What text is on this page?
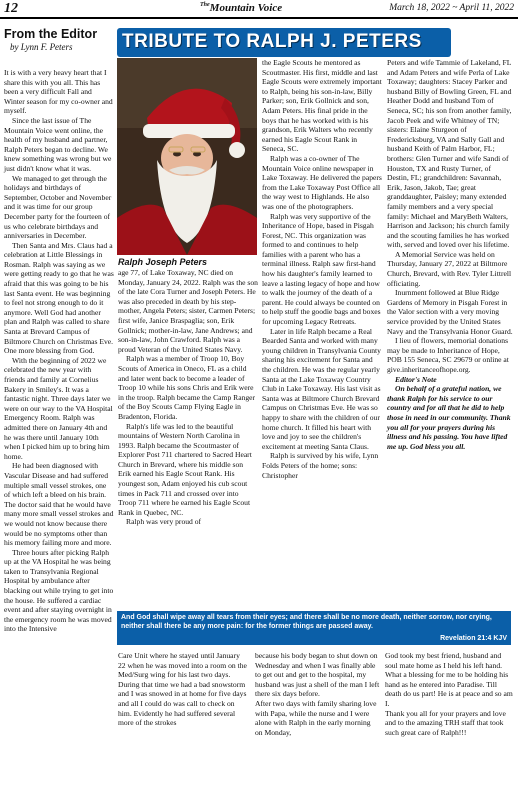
12	$^{The}$Mountain Voice	March 18, 2022 ~ April 11, 2022
From the Editor
by Lynn F. Peters

It is with a very heavy heart that I share this with you all. This has been a very difficult Fall and Winter season for my co-owner and myself.

Since the last issue of The Mountain Voice went online, the health of my husband and partner, Ralph Peters began to decline. We knew something was wrong but we just didn't know what it was.

We managed to get through the holidays and birthdays of September, October and November and it was time for our group December party for the fourteen of us who celebrate birthdays and anniversaries in December.

Then Santa and Mrs. Claus had a celebration at Little Blessings in Rosman. Ralph was saying as we were getting ready to go that he was afraid that this was going to be his last Santa event. He was beginning to feel not strong enough to do it anymore. Well God had another plan and Ralph was called to share Santa at Brevard Campus of Biltmore Church on Christmas Eve. One more blessing from God.

With the beginning of 2022 we celebrated the new year with friends and family at Cornelius Bakery in Smiley's. It was a fantastic night. Three days later we were on our way to the VA Hospital Emergency Room. Ralph was admitted there on January 4th and he was there until January 10th when I picked him up to bring him home.

He had been diagnosed with Vascular Disease and had suffered multiple small vessel strokes, one of which left a bleed on his brain. The doctor said that he would have many more small vessel strokes and we would not know because there would be no symptoms other than his memory failing more and more.

Three hours after picking Ralph up at the VA Hospital he was being taken to Transylvania Regional Hospital by ambulance after blacking out while trying to get into the house. He suffered a cardiac event and after staying overnight in the emergency room he was moved into the Intensive

TRIBUTE TO RALPH J. PETERS
Ralph Joseph Peters

age 77, of Lake Toxaway, NC died on Monday, January 24, 2022. Ralph was the son of the late Cora Turner and Joseph Peters. He was also preceded in death by his step-mother, Angela Peters; sister, Carmen Peters; first wife, Janice Braspaglia; son, Erik Gollnick; mother-in-law, Jane Andrews; and son-in-law, John Crawford. Ralph was a proud Veteran of the United States Navy.

Ralph was a member of Troop 10, Boy Scouts of America in Oneco, FL as a child and later went back to become a leader of Troop 10 while his sons Chris and Erik were in the troop. Ralph became the Camp Ranger of the Boy Scouts Camp Flying Eagle in Bradenton, Florida.

Ralph's life was led to the beautiful mountains of Western North Carolina in 1993. Ralph became the Scoutmaster of Explorer Post 711 chartered to Sacred Heart Church in Brevard, where his middle son Erik earned his Eagle Scout Rank. His youngest son, Adam enjoyed his cub scout times in Pack 711 and crossed over into Troop 711 where he earned his Eagle Scout Rank in Quebec, NC.

Ralph was very proud of

the Eagle Scouts he mentored as Scoutmaster. His first, middle and last Eagle Scouts were extremely important to Ralph, being his son-in-law, Billy Parker; son, Erik Gollnick and son, Adam Peters. His final pride in the boys that he has worked with is his grandson, Erik Walters who recently earned his Eagle Scout Rank in Seneca, SC.

Ralph was a co-owner of The Mountain Voice online newspaper in Lake Toxaway. He delivered the papers from the Lake Toxaway Post Office all the way west to Highlands. He also was one of the photographers.

Ralph was very supportive of the Inheritance of Hope, based in Pisgah Forest, NC. This organization was formed to and continues to help families with a parent who has a terminal illness. Ralph saw first-hand how his daughter's family learned to leave a lasting legacy of hope and how to walk the journey of the death of a parent. He could always be counted on to help stuff the goodie bags and boxes for upcoming Legacy Retreats.

Later in life Ralph became a Real Bearded Santa and worked with many young children in Transylvania County sharing his excitement for Santa and the children. He was the regular yearly Santa at the Lake Toxaway Country Club in Lake Toxaway. His last visit as Santa was at Biltmore Church Brevard Campus on Christmas Eve. He was so happy to share with the children of our home church. It filled his heart with love and joy to see the children's excitement at meeting Santa Claus.

Ralph is survived by his wife, Lynn Folds Peters of the home; sons: Christopher

Peters and wife Tammie of Lakeland, FL and Adam Peters and wife Perla of Lake Toxaway; daughters: Stacey Parker and husband Billy of Bowling Green, FL and Heather Dodd and husband Tom of Seneca, SC; his son from another family, Jacob Peek and wife Whitney of TN; sisters: Elaine Sturgeon of Fredericksburg, VA and Sally Gall and husband Keith of Palm Harbor, FL; brothers: Glen Turner and wife Sandi of Houston, TX and Rusty Turner, of Destin, FL; grandchildren: Savannah, Erik, Jason, Jakob, Tae; great granddaughter, Paisley; many extended family members and a very special family: Michael and MaryBeth Walters, Harrison and Jackson; his church family and the scouting families he has worked with, served and loved over his lifetime.

A Memorial Service was held on Thursday, January 27, 2022 at Biltmore Church, Brevard, with Rev. Tyler Littrell officiating.

Inurnment followed at Blue Ridge Gardens of Memory in Pisgah Forest in the Valor section with a very moving service provided by the United States Navy and the Transylvania Honor Guard.

I lieu of flowers, memorial donations may be made to Inheritance of Hope, POB 155 Seneca, SC 29679 or online at give.inheritanceofhope.org.

Editor's Note

On behalf of a grateful nation, we thank Ralph for his service to our country and for all that he did to help those in need in our community. Thank you all for your prayers during his illness and his passing. You have lifted me up. God bless you all.

And God shall wipe away all tears from their eyes; and there shall be no more death, neither sorrow, nor crying, neither shall there be any more pain: for the former things are passed away.
Revelation 21:4 KJV
Care Unit where he stayed until January 22 when he was moved into a room on the Med/Surg wing for his last two days.
During that time we had a bad snowstorm and I was snowed in at home for five days and all I could do was call to check on him. Evidently he had suffered several more of the strokes
because his body began to shut down on Wednesday and when I was finally able to get out and get to the hospital, my husband was just a shell of the man I left there six days before.
After two days with family sharing love with Papa, while the nurse and I were alone with Ralph in the early morning on Monday,
God took my best friend, husband and soul mate home as I held his left hand.
What a blessing for me to be holding his hand as he entered into Paradise. Till death do us part! He is at peace and so am I.
Thank you all for your prayers and love and to the amazing TRH staff that took such great care of Ralph!!!
